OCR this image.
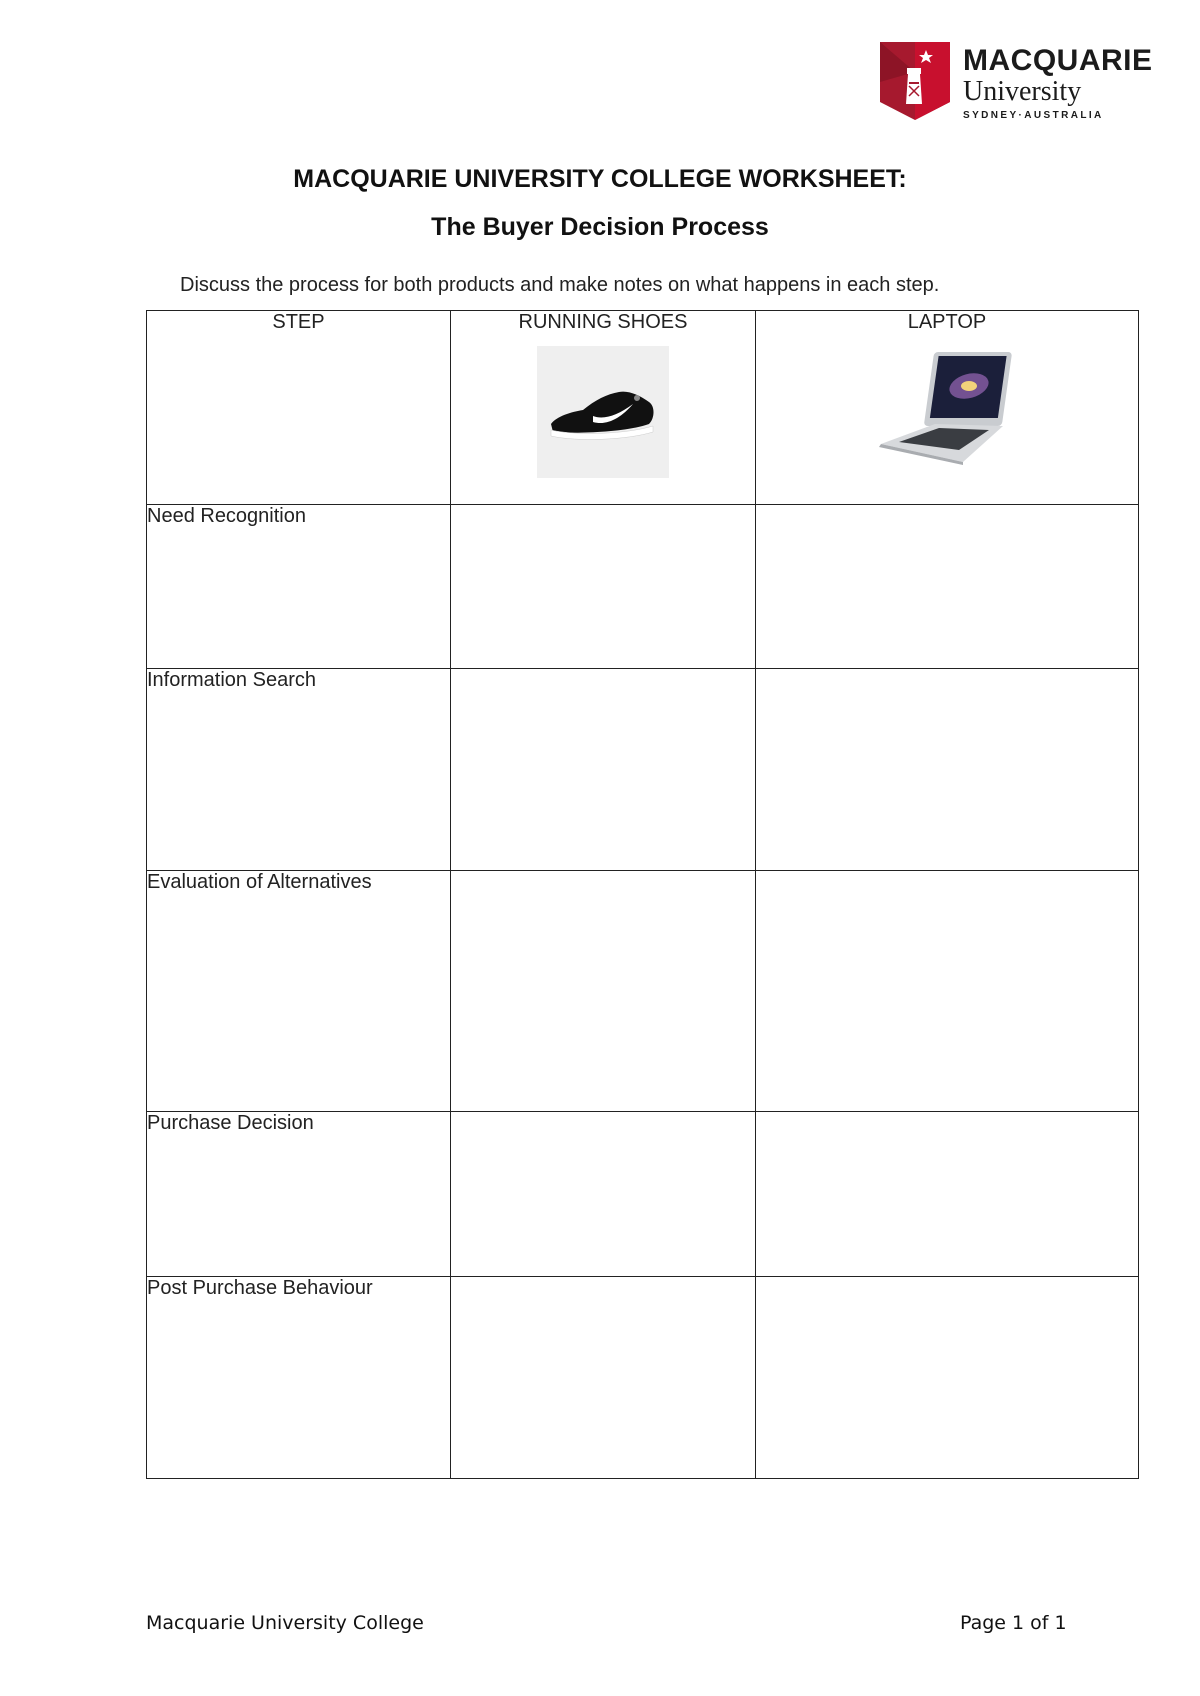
MACQUARIE
University
SYDNEY·AUSTRALIA
MACQUARIE UNIVERSITY COLLEGE WORKSHEET:
The Buyer Decision Process
Discuss the process for both products and make notes on what happens in each step.
STEP	RUNNING SHOES	LAPTOP

Need Recognition		
Information Search		
Evaluation of Alternatives		
Purchase Decision		
Post Purchase Behaviour		
Macquarie University College	Page 1 of 1
